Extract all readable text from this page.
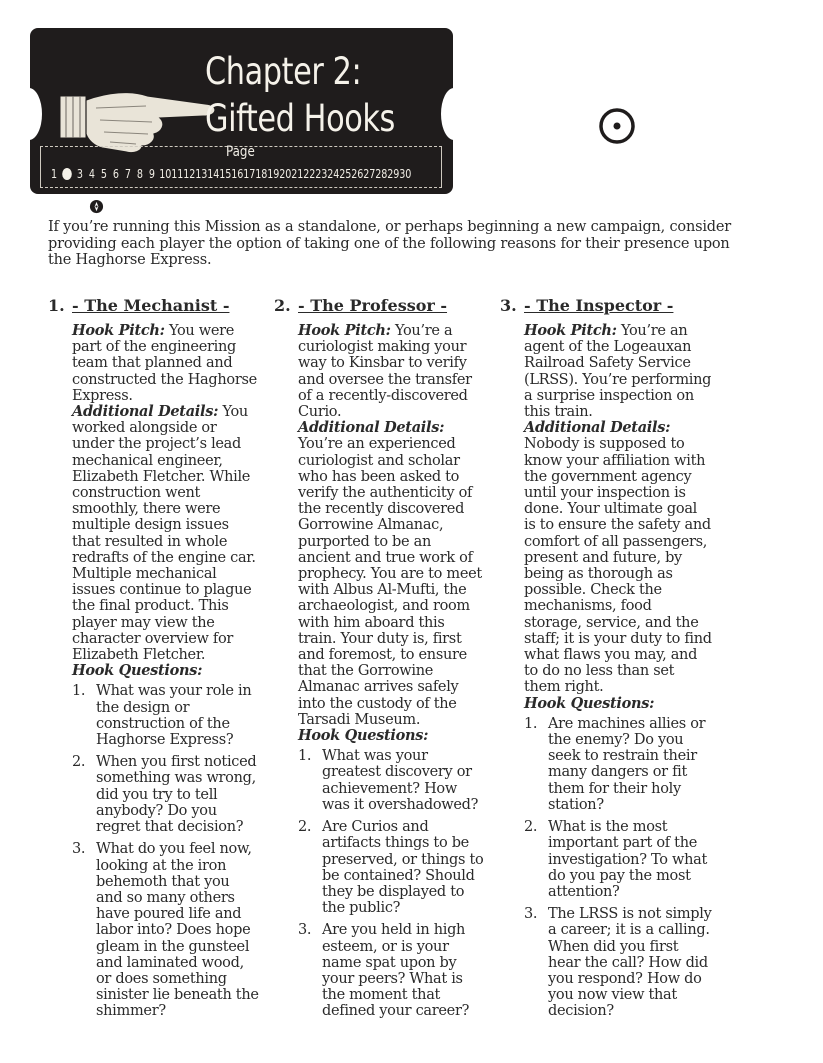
Chapter 2:
Gifted Hooks
Page
1 3 4 5 6 7 8 9 10 11 12 13 14 15 16 17 18 19 20 21 22 23 24 25 26 27 28 29 30

If you’re running this Mission as a standalone, or perhaps beginning a new campaign, consider providing each player the option of taking one of the following reasons for their presence upon the Haghorse Express.

1. - The Mechanist -

Hook Pitch: You were part of the engineering team that planned and constructed the Haghorse Express.

Additional Details: You worked alongside or under the project’s lead mechanical engineer, Elizabeth Fletcher. While construction went smoothly, there were multiple design issues that resulted in whole redrafts of the engine car. Multiple mechanical issues continue to plague the final product. This player may view the character overview for Elizabeth Fletcher.

Hook Questions:

1. What was your role in the design or construction of the Haghorse Express?
2. When you first noticed something was wrong, did you try to tell anybody? Do you regret that decision?
3. What do you feel now, looking at the iron behemoth that you and so many others have poured life and labor into? Does hope gleam in the gunsteel and laminated wood, or does something sinister lie beneath the shimmer?
2. - The Professor -

Hook Pitch: You’re a curiologist making your way to Kinsbar to verify and oversee the transfer of a recently-discovered Curio.

Additional Details: You’re an experienced curiologist and scholar who has been asked to verify the authenticity of the recently discovered Gorrowine Almanac, purported to be an ancient and true work of prophecy. You are to meet with Albus Al-Mufti, the archaeologist, and room with him aboard this train. Your duty is, first and foremost, to ensure that the Gorrowine Almanac arrives safely into the custody of the Tarsadi Museum.

Hook Questions:

1. What was your greatest discovery or achievement? How was it overshadowed?
2. Are Curios and artifacts things to be preserved, or things to be contained? Should they be displayed to the public?
3. Are you held in high esteem, or is your name spat upon by your peers? What is the moment that defined your career?
3. - The Inspector -

Hook Pitch: You’re an agent of the Logeauxan Railroad Safety Service (LRSS). You’re performing a surprise inspection on this train.

Additional Details: Nobody is supposed to know your affiliation with the government agency until your inspection is done. Your ultimate goal is to ensure the safety and comfort of all passengers, present and future, by being as thorough as possible. Check the mechanisms, food storage, service, and the staff; it is your duty to find what flaws you may, and to do no less than set them right.

Hook Questions:

1. Are machines allies or the enemy? Do you seek to restrain their many dangers or fit them for their holy station?
2. What is the most important part of the investigation? To what do you pay the most attention?
3. The LRSS is not simply a career; it is a calling. When did you first hear the call? How did you respond? How do you now view that decision?
